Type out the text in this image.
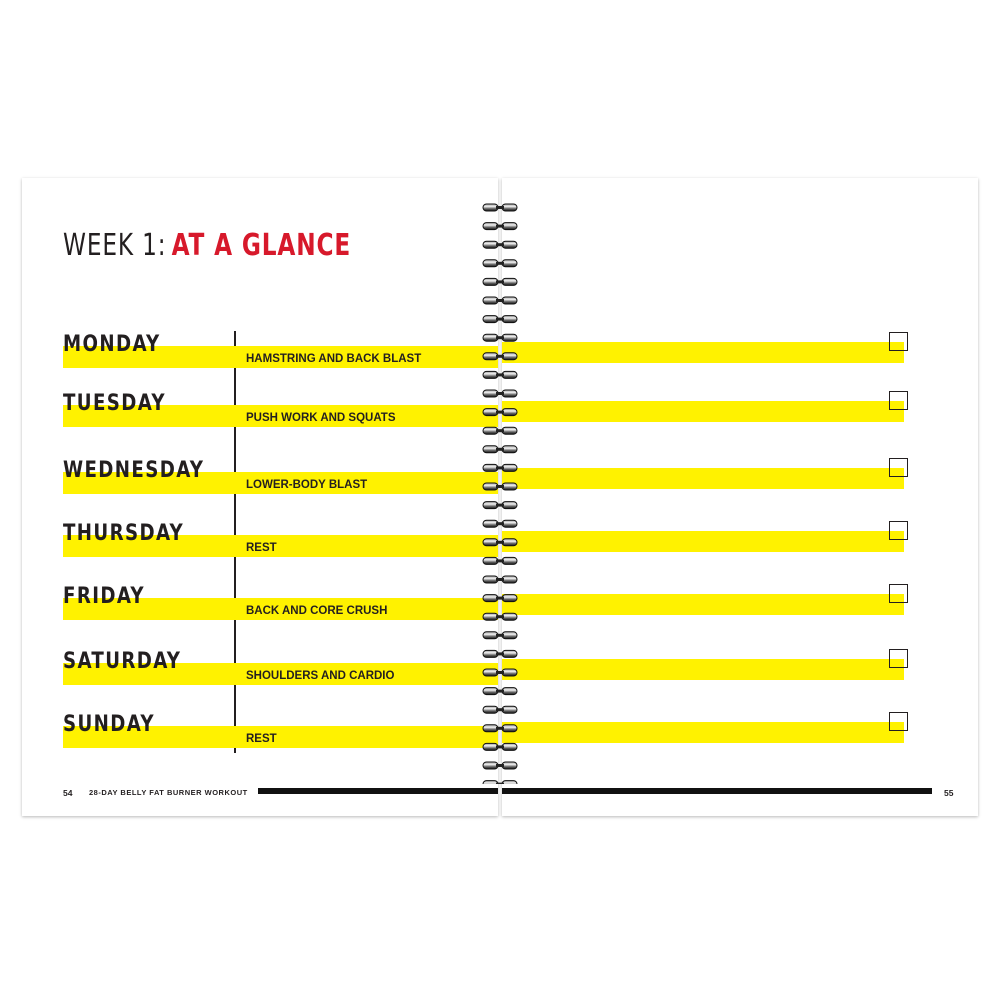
WEEK 1: AT A GLANCE
MONDAY
HAMSTRING AND BACK BLAST
TUESDAY
PUSH WORK AND SQUATS
WEDNESDAY
LOWER-BODY BLAST
THURSDAY
REST
FRIDAY
BACK AND CORE CRUSH
SATURDAY
SHOULDERS AND CARDIO
SUNDAY
REST
54 28-DAY BELLY FAT BURNER WORKOUT	55
